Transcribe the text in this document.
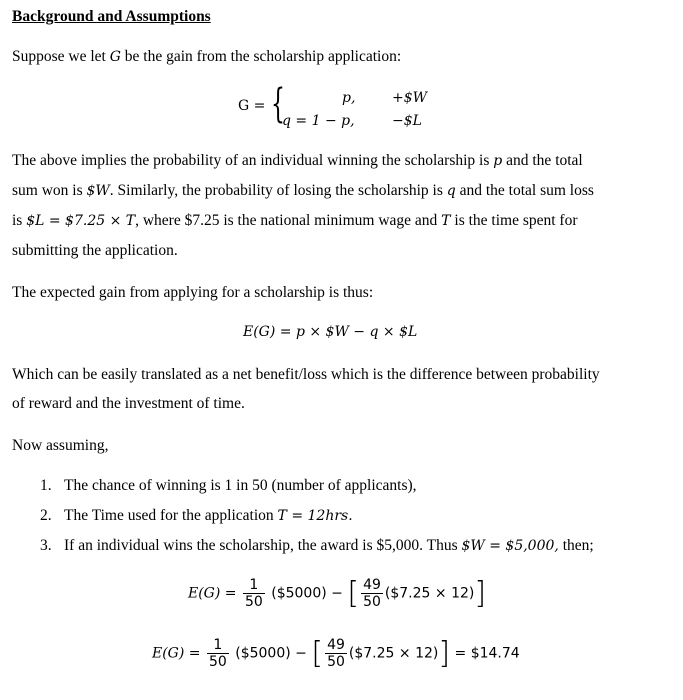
Background and Assumptions
Suppose we let G be the gain from the scholarship application:
G = {	p,	+$W
q = 1 − p,	−$L
The above implies the probability of an individual winning the scholarship is p and the total
sum won is $W. Similarly, the probability of losing the scholarship is q and the total sum loss
is $L = $7.25 × T, where $7.25 is the national minimum wage and T is the time spent for
submitting the application.
The expected gain from applying for a scholarship is thus:
E(G) = p × $W − q × $L
Which can be easily translated as a net benefit/loss which is the difference between probability
of reward and the investment of time.
Now assuming,
1. The chance of winning is 1 in 50 (number of applicants),
2. The Time used for the application T = 12hrs.
3. If an individual wins the scholarship, the award is $5,000. Thus $W = $5,000, then;
$E(G) = \frac{1}{50}$ ($5000) − [ $\frac{49}{50}$ ($7.25 × 12)]
$E(G) = \frac{1}{50}$ ($5000) − [ $\frac{49}{50}$ ($7.25 × 12)] = $14.74
